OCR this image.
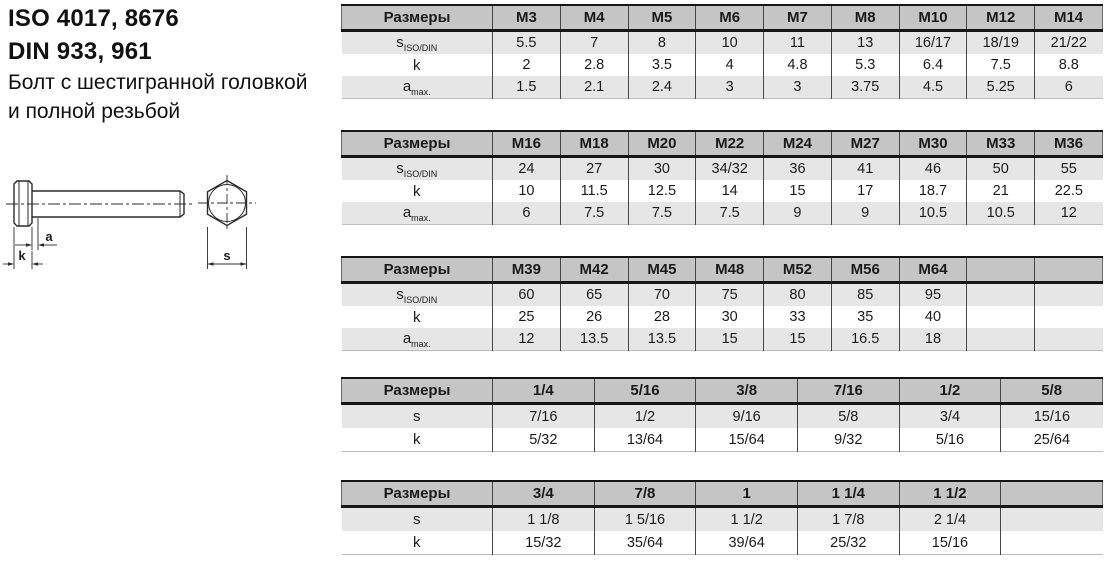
ISO 4017, 8676
DIN 933, 961
Болт с шестигранной головкой
и полной резьбой
a
k	s
Размеры	M3	M4	M5	M6	M7	M8	M10	M12	M14
$s_{ISO/DIN}$	5.5	7	8	10	11	13	16/17	18/19	21/22
k	2	2.8	3.5	4	4.8	5.3	6.4	7.5	8.8
$a_{max.}$	1.5	2.1	2.4	3	3	3.75	4.5	5.25	6
Размеры	M16	M18	M20	M22	M24	M27	M30	M33	M36
$s_{ISO/DIN}$	24	27	30	34/32	36	41	46	50	55
k	10	11.5	12.5	14	15	17	18.7	21	22.5
$a_{max.}$	6	7.5	7.5	7.5	9	9	10.5	10.5	12
Размеры	M39	M42	M45	M48	M52	M56	M64		
$s_{ISO/DIN}$	60	65	70	75	80	85	95		
k	25	26	28	30	33	35	40		
$a_{max.}$	12	13.5	13.5	15	15	16.5	18		
Размеры	1/4	5/16	3/8	7/16	1/2	5/8
s	7/16	1/2	9/16	5/8	3/4	15/16
k	5/32	13/64	15/64	9/32	5/16	25/64
Размеры	3/4	7/8	1	1 1/4	1 1/2	
s	1 1/8	1 5/16	1 1/2	1 7/8	2 1/4	
k	15/32	35/64	39/64	25/32	15/16	
